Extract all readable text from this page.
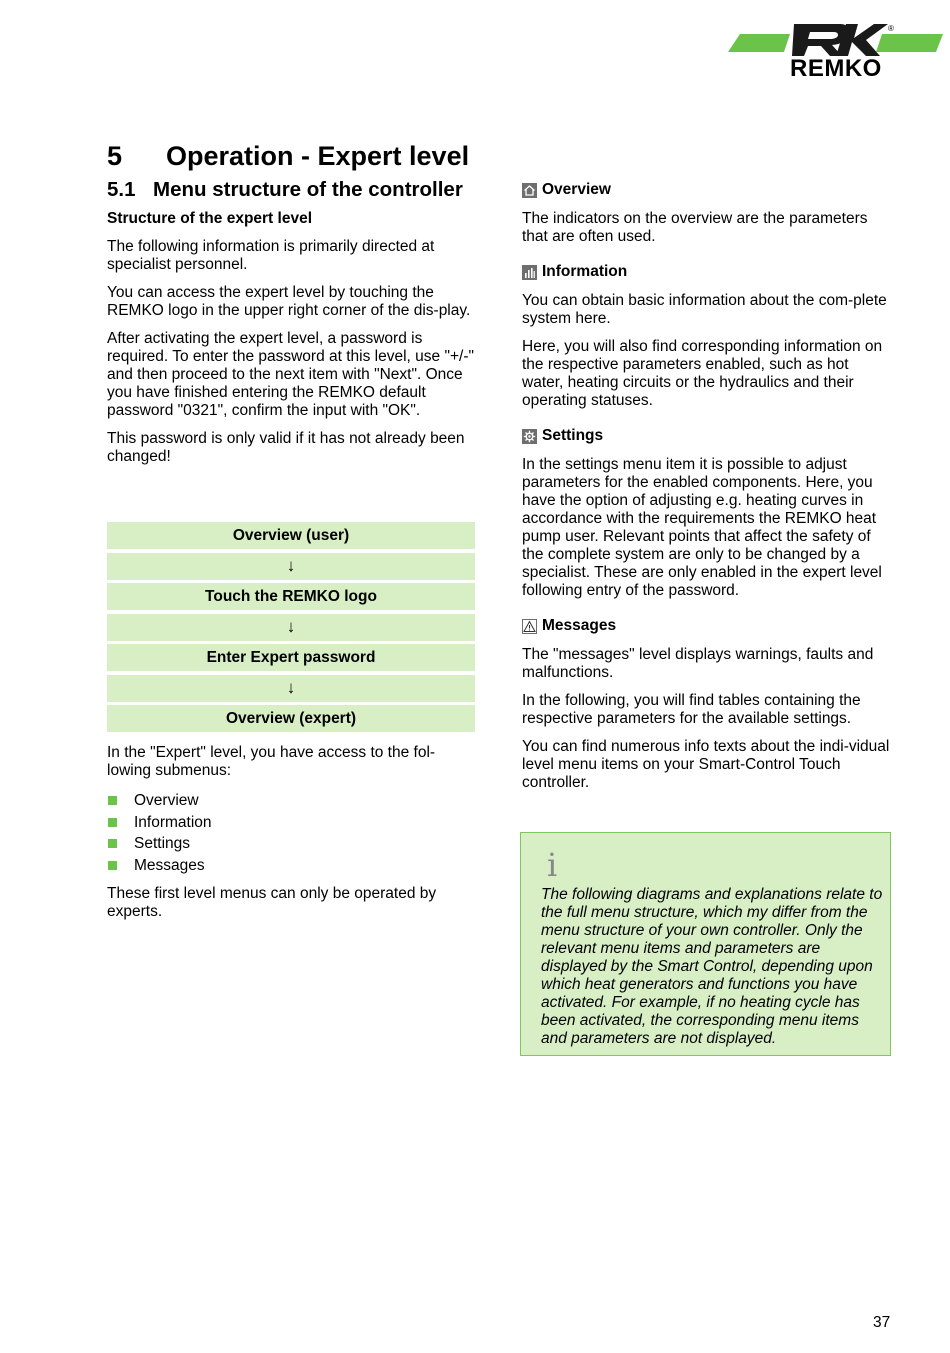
®
REMKO
5 Operation - Expert level
5.1 Menu structure of the controller

Structure of the expert level

The following information is primarily directed at specialist personnel.

You can access the expert level by touching the REMKO logo in the upper right corner of the dis-play.

After activating the expert level, a password is required. To enter the password at this level, use "+/-" and then proceed to the next item with "Next". Once you have finished entering the REMKO default password "0321", confirm the input with "OK".

This password is only valid if it has not already been changed!

Overview (user)
↓
Touch the REMKO logo
↓
Enter Expert password
↓
Overview (expert)

In the "Expert" level, you have access to the fol-lowing submenus:

Overview
Information
Settings
Messages

These first level menus can only be operated by experts.

Overview

The indicators on the overview are the parameters that are often used.

Information

You can obtain basic information about the com-plete system here.

Here, you will also find corresponding information on the respective parameters enabled, such as hot water, heating circuits or the hydraulics and their operating statuses.

Settings

In the settings menu item it is possible to adjust parameters for the enabled components. Here, you have the option of adjusting e.g. heating curves in accordance with the requirements the REMKO heat pump user. Relevant points that affect the safety of the complete system are only to be changed by a specialist. These are only enabled in the expert level following entry of the password.

Messages

The "messages" level displays warnings, faults and malfunctions.

In the following, you will find tables containing the respective parameters for the available settings.

You can find numerous info texts about the indi-vidual level menu items on your Smart-Control Touch controller.

i
The following diagrams and explanations relate to the full menu structure, which my differ from the menu structure of your own controller. Only the relevant menu items and parameters are displayed by the Smart Control, depending upon which heat generators and functions you have activated. For example, if no heating cycle has been activated, the corresponding menu items and parameters are not displayed.
37
